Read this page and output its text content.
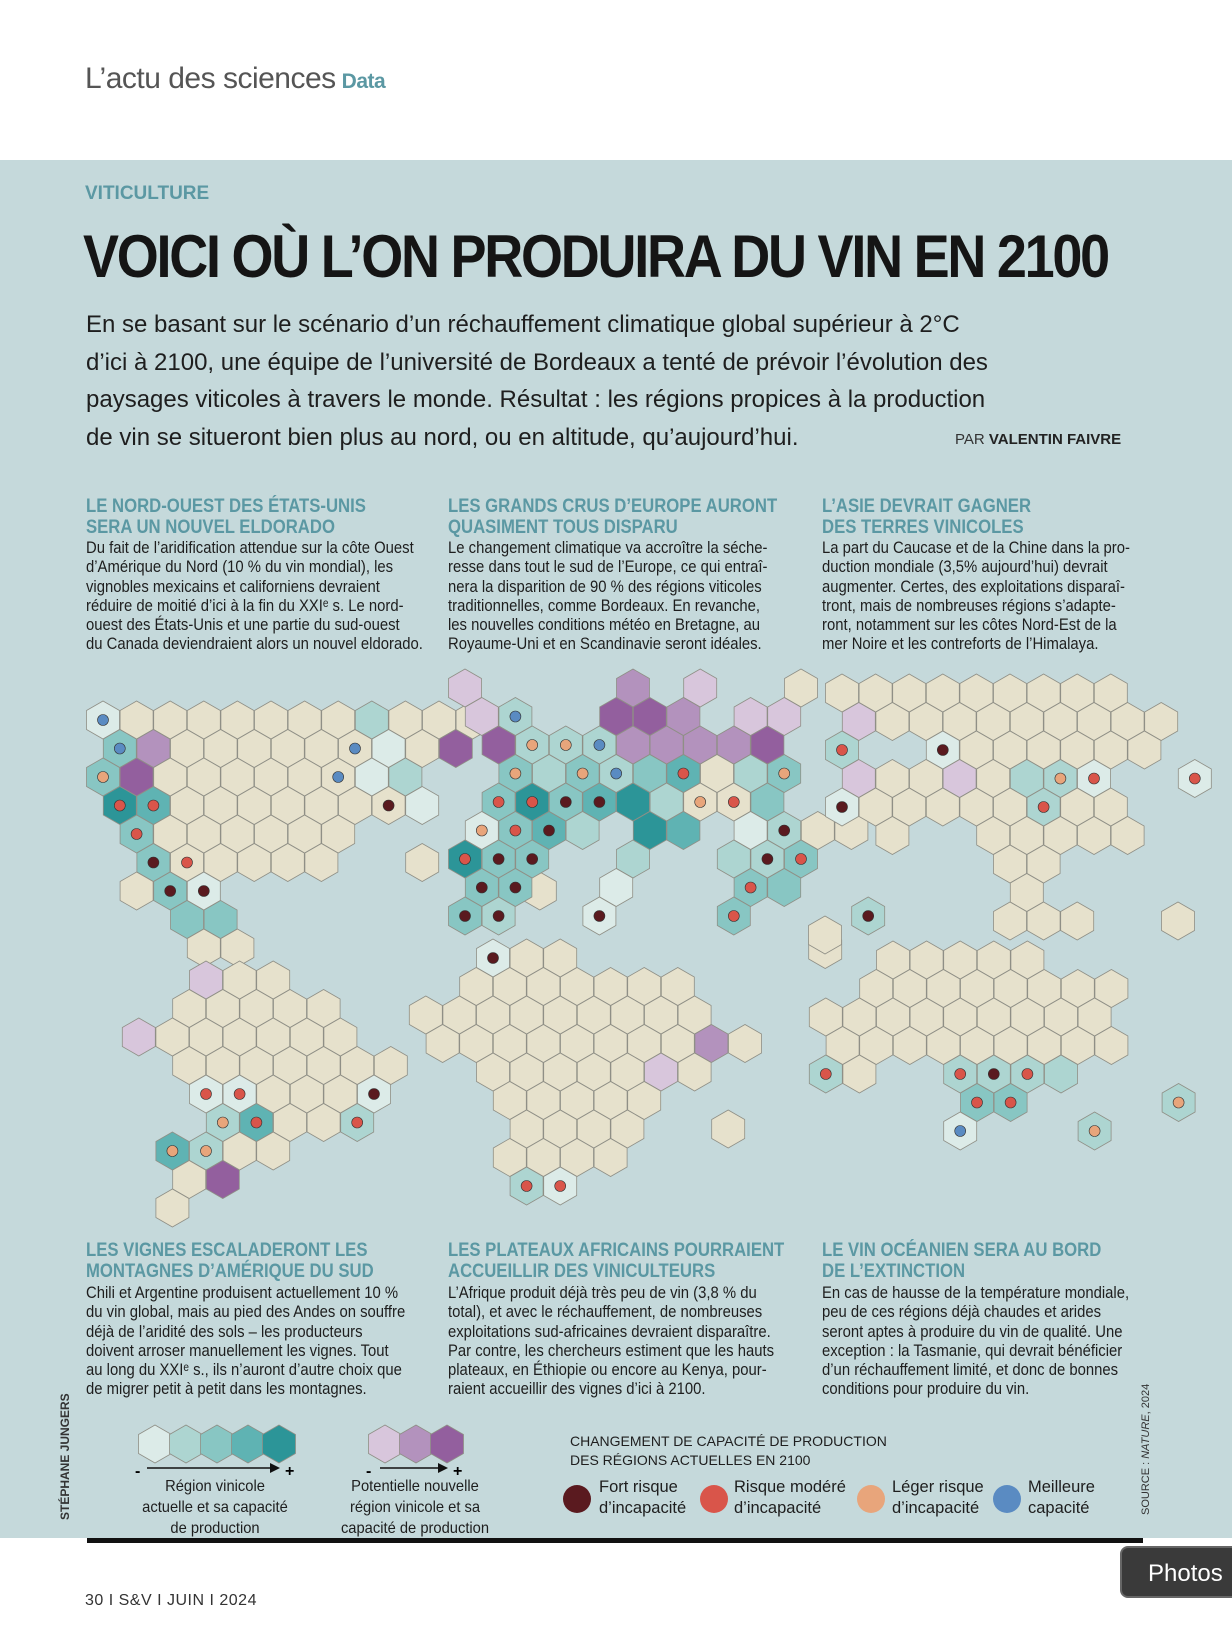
L’actu des sciences Data
VITICULTURE
VOICI OÙ L’ON PRODUIRA DU VIN EN 2100
En se basant sur le scénario d’un réchauffement climatique global supérieur à 2°C
d’ici à 2100, une équipe de l’université de Bordeaux a tenté de prévoir l’évolution des
paysages viticoles à travers le monde. Résultat : les régions propices à la production
de vin se situeront bien plus au nord, ou en altitude, qu’aujourd’hui.	PAR VALENTIN FAIVRE
LE NORD-OUEST DES ÉTATS-UNIS
SERA UN NOUVEL ELDORADO
Du fait de l’aridification attendue sur la côte Ouest
d’Amérique du Nord (10 % du vin mondial), les
vignobles mexicains et californiens devraient
réduire de moitié d’ici à la fin du XXIᵉ s. Le nord-
ouest des États-Unis et une partie du sud-ouest
du Canada deviendraient alors un nouvel eldorado.
LES GRANDS CRUS D’EUROPE AURONT
QUASIMENT TOUS DISPARU
Le changement climatique va accroître la séche-
resse dans tout le sud de l’Europe, ce qui entraî-
nera la disparition de 90 % des régions viticoles
traditionnelles, comme Bordeaux. En revanche,
les nouvelles conditions météo en Bretagne, au
Royaume-Uni et en Scandinavie seront idéales.
L’ASIE DEVRAIT GAGNER
DES TERRES VINICOLES
La part du Caucase et de la Chine dans la pro-
duction mondiale (3,5% aujourd’hui) devrait
augmenter. Certes, des exploitations disparaî-
tront, mais de nombreuses régions s’adapte-
ront, notamment sur les côtes Nord-Est de la
mer Noire et les contreforts de l’Himalaya.
LES VIGNES ESCALADERONT LES
MONTAGNES D’AMÉRIQUE DU SUD
Chili et Argentine produisent actuellement 10 %
du vin global, mais au pied des Andes on souffre
déjà de l’aridité des sols – les producteurs
doivent arroser manuellement les vignes. Tout
au long du XXIᵉ s., ils n’auront d’autre choix que
de migrer petit à petit dans les montagnes.
LES PLATEAUX AFRICAINS POURRAIENT
ACCUEILLIR DES VINICULTEURS
L’Afrique produit déjà très peu de vin (3,8 % du
total), et avec le réchauffement, de nombreuses
exploitations sud-africaines devraient disparaître.
Par contre, les chercheurs estiment que les hauts
plateaux, en Éthiopie ou encore au Kenya, pour-
raient accueillir des vignes d’ici à 2100.
LE VIN OCÉANIEN SERA AU BORD
DE L’EXTINCTION
En cas de hausse de la température mondiale,
peu de ces régions déjà chaudes et arides
seront aptes à produire du vin de qualité. Une
exception : la Tasmanie, qui devrait bénéficier
d’un réchauffement limité, et donc de bonnes
conditions pour produire du vin.
-	+	-	+
Région vinicole
actuelle et sa capacité
de production
Potentielle nouvelle
région vinicole et sa
capacité de production
CHANGEMENT DE CAPACITÉ DE PRODUCTION
DES RÉGIONS ACTUELLES EN 2100
Fort risque
d’incapacité
Risque modéré
d’incapacité
Léger risque
d’incapacité
Meilleure
capacité
STÉPHANE JUNGERS	SOURCE : NATURE, 2024
30 I S&V I JUIN I 2024
Photos
